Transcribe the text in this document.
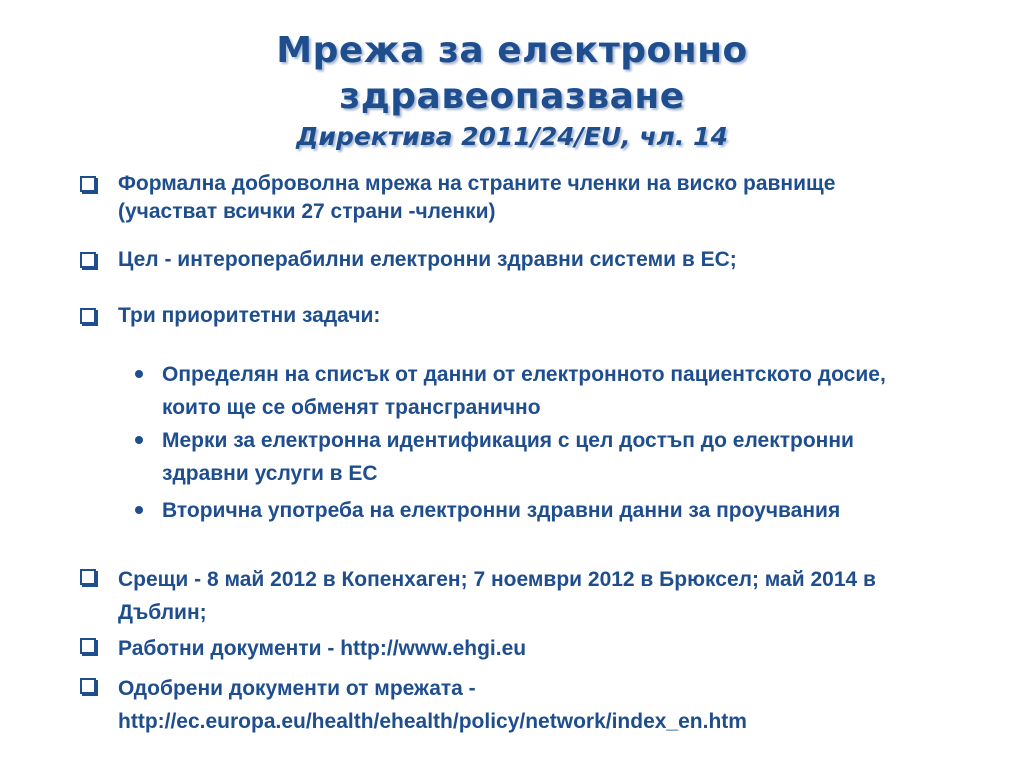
Мрежа за електронно
здравеопазване
Директива 2011/24/EU, чл. 14
Формална доброволна мрежа на страните членки на виско равнище (участват всички 27 страни -членки)
Цел - интероперабилни електронни здравни системи в ЕС;
Три приоритетни задачи:
Определян на списък от данни от електронното пациентското досие, които ще се обменят трансгранично
Мерки за електронна идентификация с цел достъп до електронни здравни услуги в ЕС
Вторична употреба на електронни здравни данни за проучвания
Срещи - 8 май 2012 в Копенхаген; 7 ноември 2012 в Брюксел; май 2014 в Дъблин;
Работни документи - http://www.ehgi.eu
Одобрени документи от мрежата - http://ec.europa.eu/health/ehealth/policy/network/index_en.htm
